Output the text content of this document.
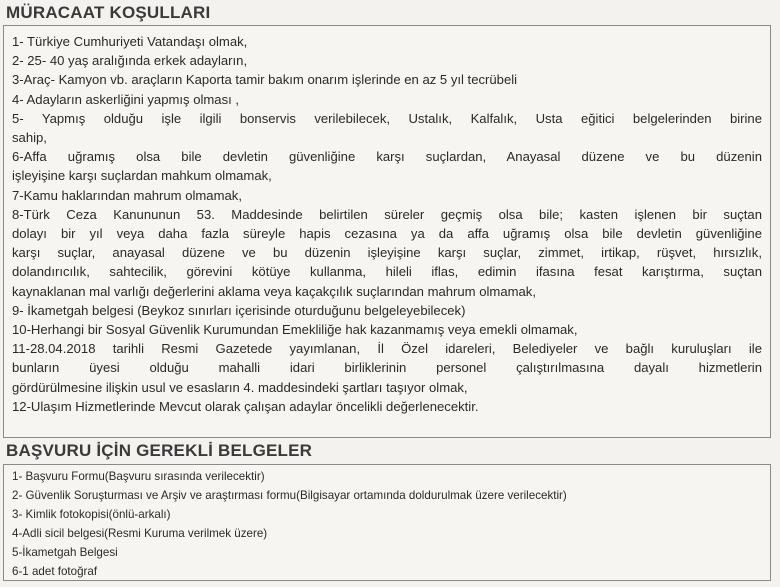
MÜRACAAT KOŞULLARI
1- Türkiye Cumhuriyeti Vatandaşı olmak,
2- 25- 40 yaş aralığında erkek adayların,
3-Araç- Kamyon vb. araçların Kaporta tamir bakım onarım işlerinde en az 5 yıl tecrübeli
4- Adayların askerliğini yapmış olması ,
5- Yapmış olduğu işle ilgili bonservis verilebilecek, Ustalık, Kalfalık, Usta eğitici belgelerinden birine
sahip,
6-Affa uğramış olsa bile devletin güvenliğine karşı suçlardan, Anayasal düzene ve bu düzenin
işleyişine karşı suçlardan mahkum olmamak,
7-Kamu haklarından mahrum olmamak,
8-Türk Ceza Kanununun 53. Maddesinde belirtilen süreler geçmiş olsa bile; kasten işlenen bir suçtan
dolayı bir yıl veya daha fazla süreyle hapis cezasına ya da affa uğramış olsa bile devletin güvenliğine
karşı suçlar, anayasal düzene ve bu düzenin işleyişine karşı suçlar, zimmet, irtikap, rüşvet, hırsızlık,
dolandırıcılık, sahtecilik, görevini kötüye kullanma, hileli iflas, edimin ifasına fesat karıştırma, suçtan
kaynaklanan mal varlığı değerlerini aklama veya kaçakçılık suçlarından mahrum olmamak,
9- İkametgah belgesi (Beykoz sınırları içerisinde oturduğunu belgeleyebilecek)
10-Herhangi bir Sosyal Güvenlik Kurumundan Emekliliğe hak kazanmamış veya emekli olmamak,
11-28.04.2018 tarihli Resmi Gazetede yayımlanan, İl Özel idareleri, Belediyeler ve bağlı kuruluşları ile
bunların üyesi olduğu mahalli idari birliklerinin personel çalıştırılmasına dayalı hizmetlerin
gördürülmesine ilişkin usul ve esasların 4. maddesindeki şartları taşıyor olmak,
12-Ulaşım Hizmetlerinde Mevcut olarak çalışan adaylar öncelikli değerlenecektir.
BAŞVURU İÇİN GEREKLİ BELGELER
1- Başvuru Formu(Başvuru sırasında verilecektir)
2- Güvenlik Soruşturması ve Arşiv ve araştırması formu(Bilgisayar ortamında doldurulmak üzere verilecektir)
3- Kimlik fotokopisi(önlü-arkalı)
4-Adli sicil belgesi(Resmi Kuruma verilmek üzere)
5-İkametgah Belgesi
6-1 adet fotoğraf
